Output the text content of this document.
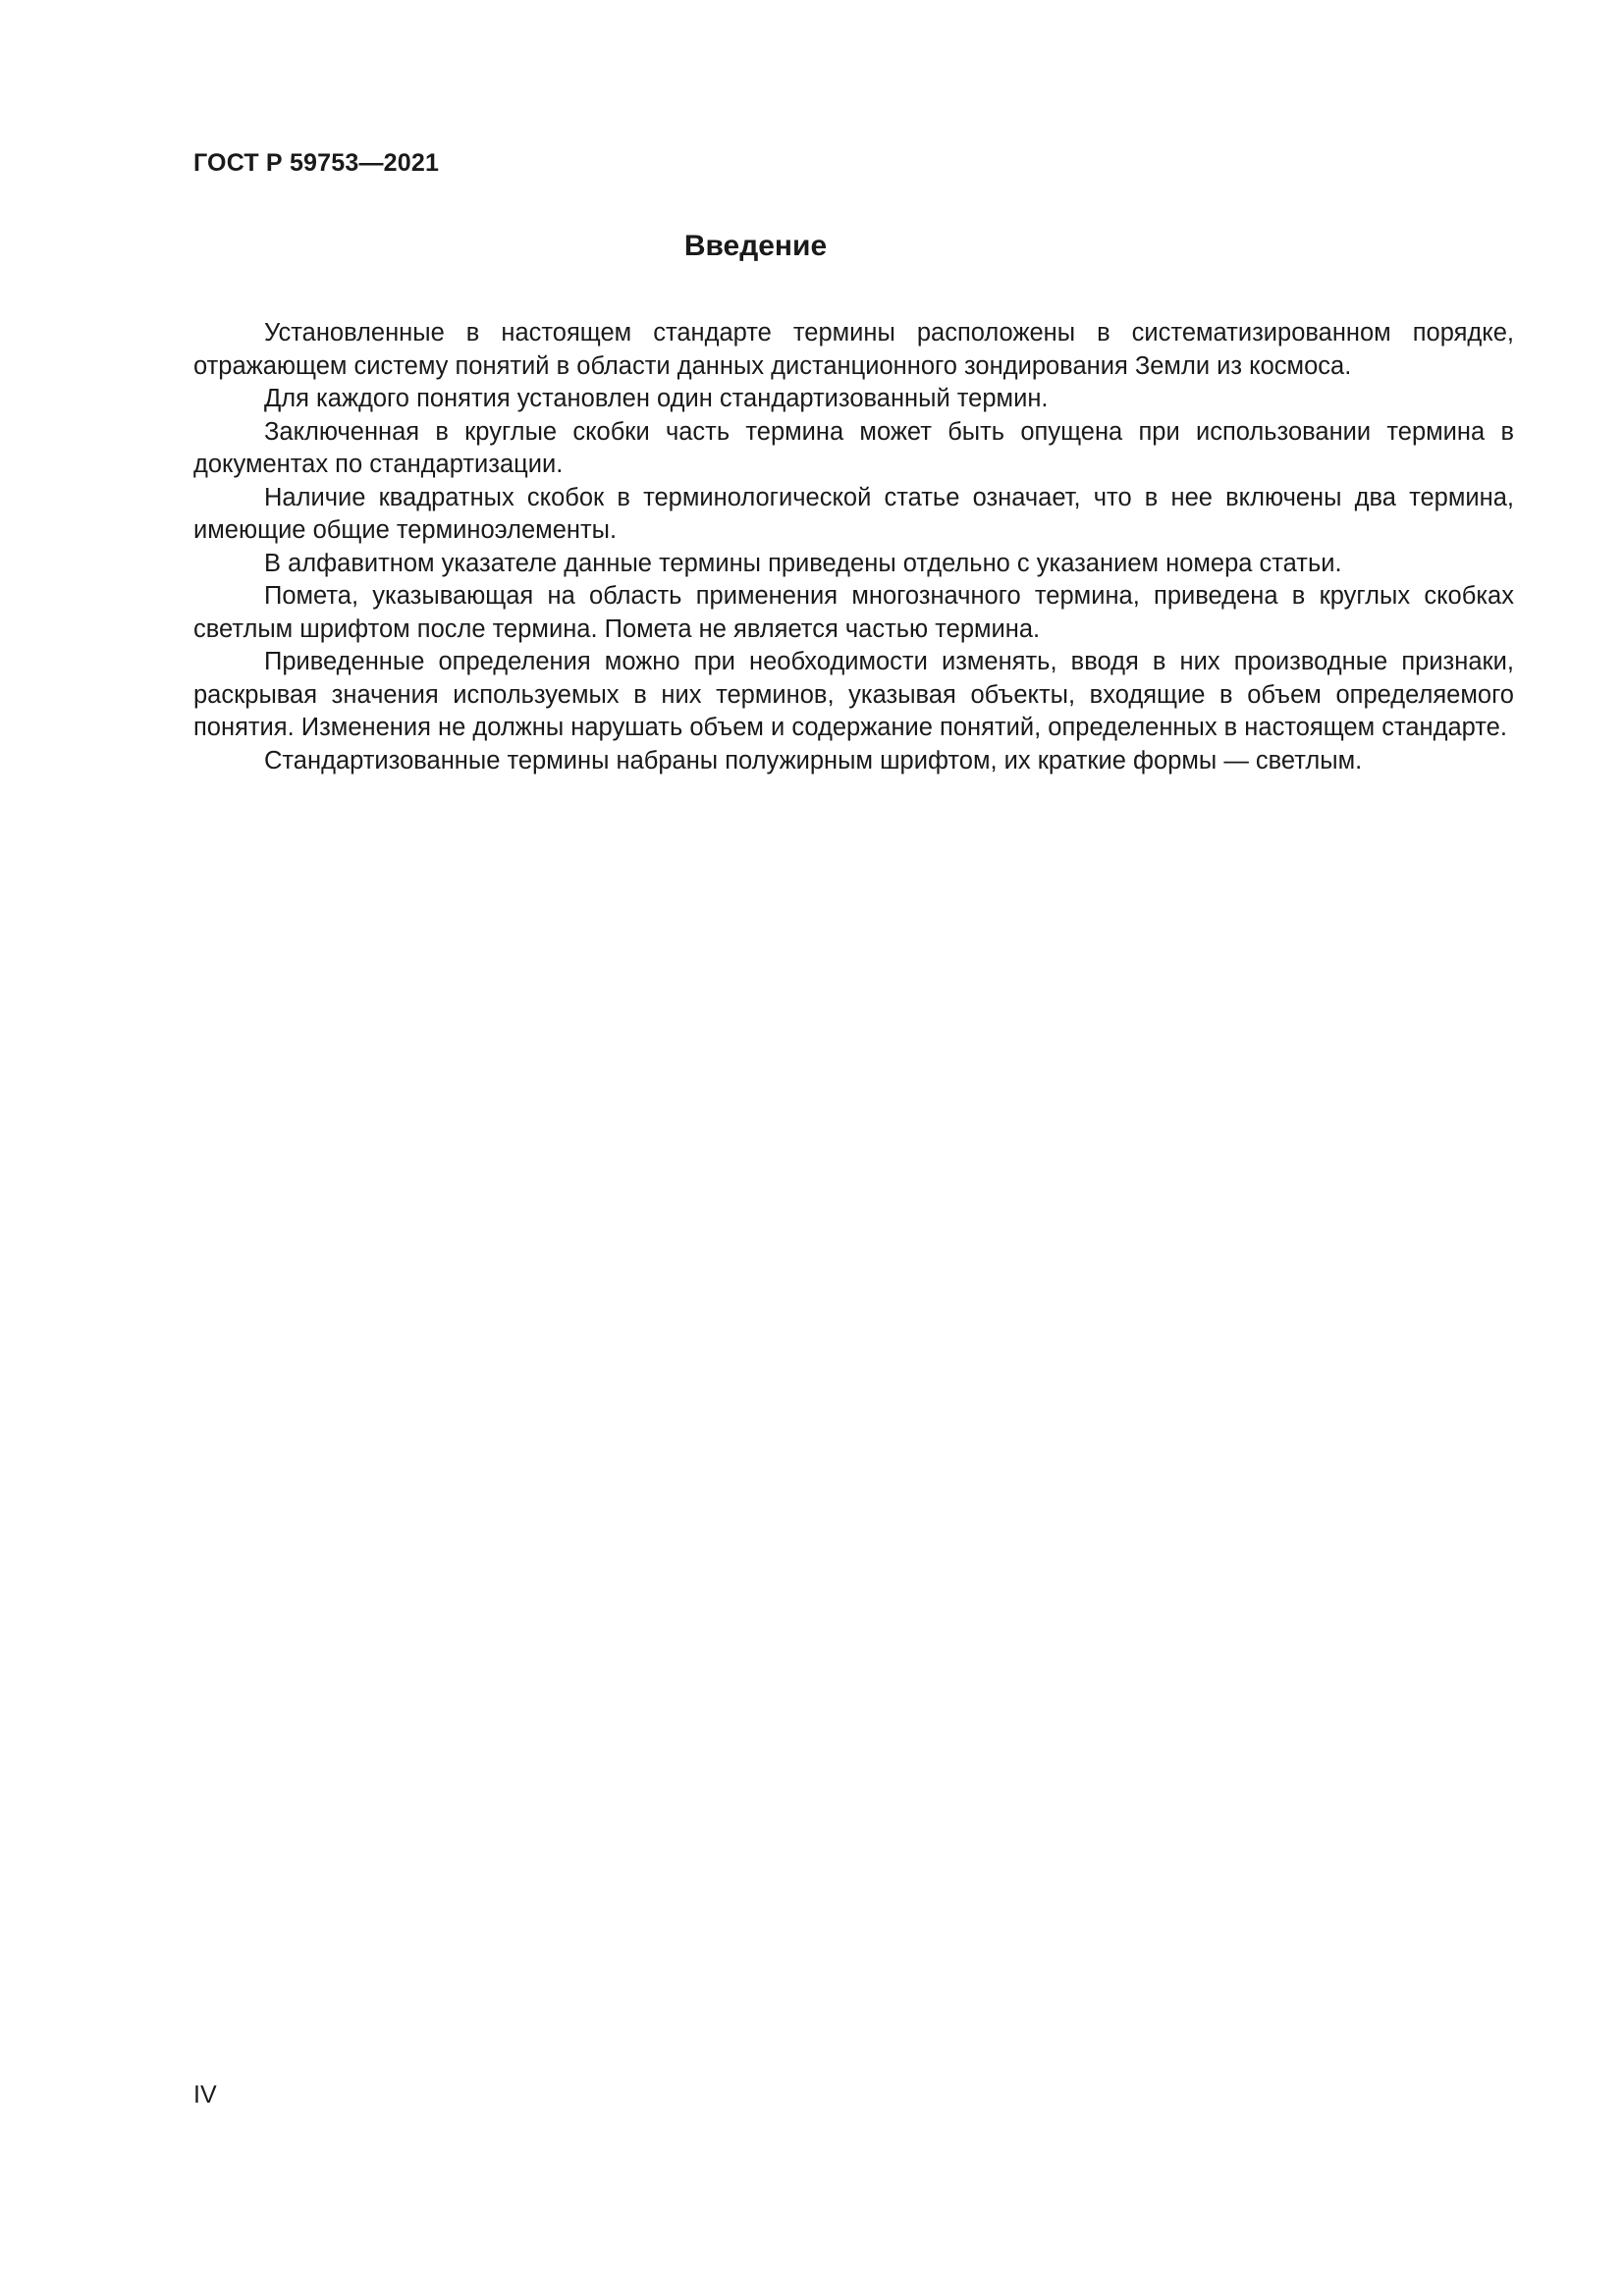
ГОСТ Р 59753—2021
Введение

Установленные в настоящем стандарте термины расположены в систематизированном порядке, отражающем систему понятий в области данных дистанционного зондирования Земли из космоса.

Для каждого понятия установлен один стандартизованный термин.

Заключенная в круглые скобки часть термина может быть опущена при использовании термина в документах по стандартизации.

Наличие квадратных скобок в терминологической статье означает, что в нее включены два термина, имеющие общие терминоэлементы.

В алфавитном указателе данные термины приведены отдельно с указанием номера статьи.

Помета, указывающая на область применения многозначного термина, приведена в круглых скобках светлым шрифтом после термина. Помета не является частью термина.

Приведенные определения можно при необходимости изменять, вводя в них производные признаки, раскрывая значения используемых в них терминов, указывая объекты, входящие в объем определяемого понятия. Изменения не должны нарушать объем и содержание понятий, определенных в настоящем стандарте.

Стандартизованные термины набраны полужирным шрифтом, их краткие формы — светлым.

IV
